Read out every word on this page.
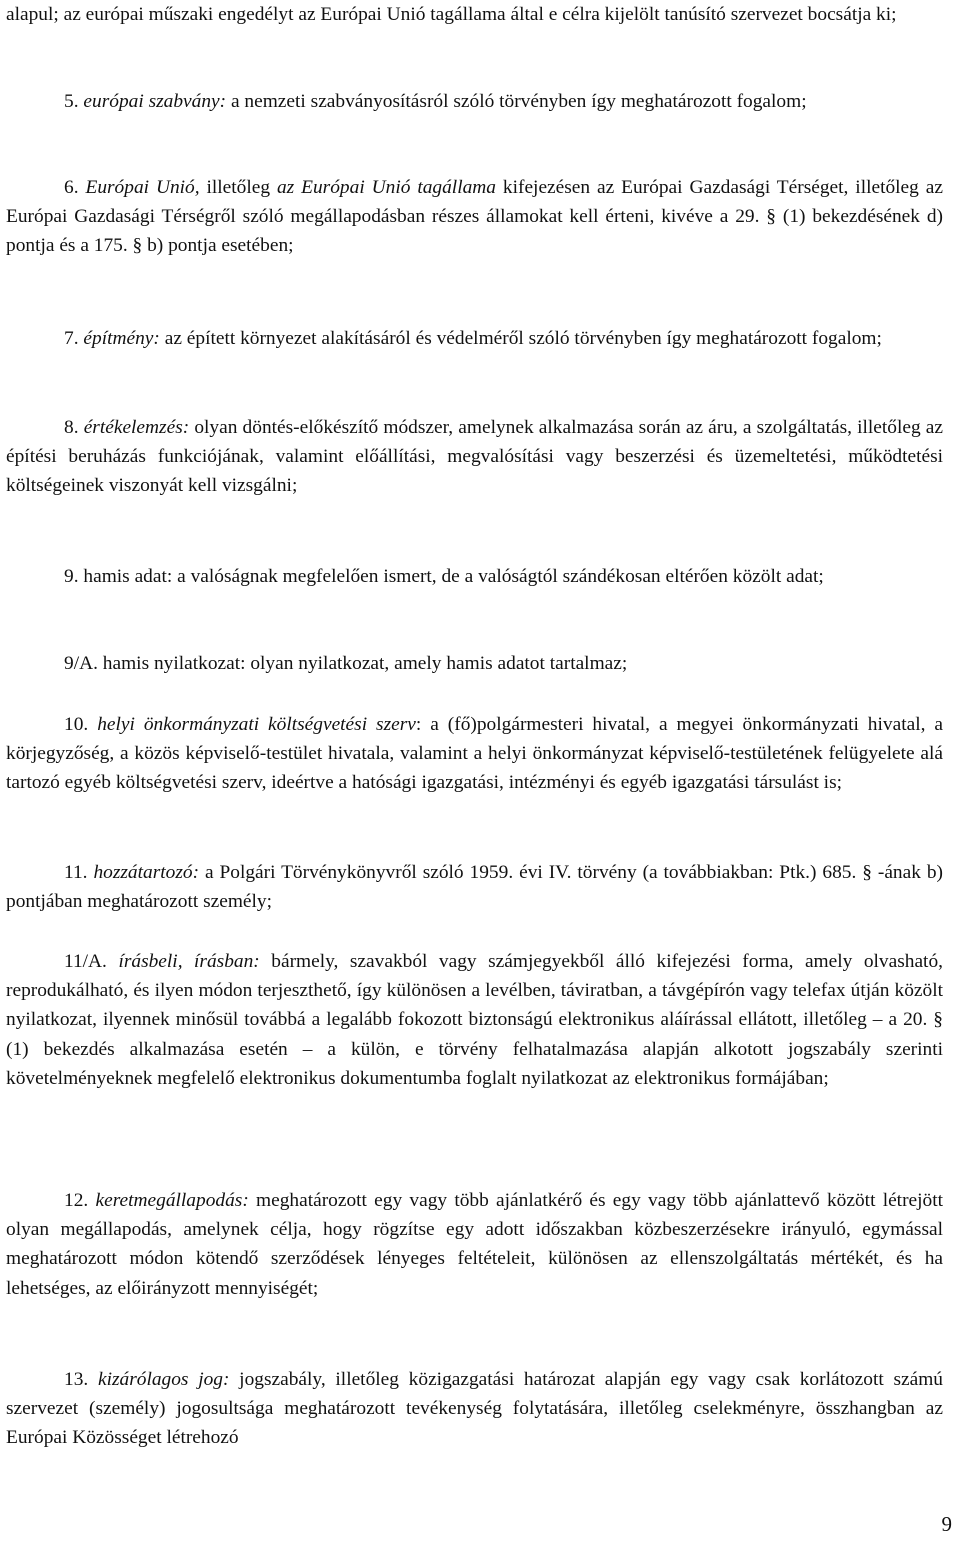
alapul; az európai műszaki engedélyt az Európai Unió tagállama által e célra kijelölt tanúsító szervezet bocsátja ki;
5. európai szabvány: a nemzeti szabványosításról szóló törvényben így meghatározott fogalom;
6. Európai Unió, illetőleg az Európai Unió tagállama kifejezésen az Európai Gazdasági Térséget, illetőleg az Európai Gazdasági Térségről szóló megállapodásban részes államokat kell érteni, kivéve a 29. § (1) bekezdésének d) pontja és a 175. § b) pontja esetében;
7. építmény: az épített környezet alakításáról és védelméről szóló törvényben így meghatározott fogalom;
8. értékelemzés: olyan döntés-előkészítő módszer, amelynek alkalmazása során az áru, a szolgáltatás, illetőleg az építési beruházás funkciójának, valamint előállítási, megvalósítási vagy beszerzési és üzemeltetési, működtetési költségeinek viszonyát kell vizsgálni;
9. hamis adat: a valóságnak megfelelően ismert, de a valóságtól szándékosan eltérően közölt adat;
9/A. hamis nyilatkozat: olyan nyilatkozat, amely hamis adatot tartalmaz;
10. helyi önkormányzati költségvetési szerv: a (fő)polgármesteri hivatal, a megyei önkormányzati hivatal, a körjegyzőség, a közös képviselő-testület hivatala, valamint a helyi önkormányzat képviselő-testületének felügyelete alá tartozó egyéb költségvetési szerv, ideértve a hatósági igazgatási, intézményi és egyéb igazgatási társulást is;
11. hozzátartozó: a Polgári Törvénykönyvről szóló 1959. évi IV. törvény (a továbbiakban: Ptk.) 685. § -ának b) pontjában meghatározott személy;
11/A. írásbeli, írásban: bármely, szavakból vagy számjegyekből álló kifejezési forma, amely olvasható, reprodukálható, és ilyen módon terjeszthető, így különösen a levélben, táviratban, a távgépírón vagy telefax útján közölt nyilatkozat, ilyennek minősül továbbá a legalább fokozott biztonságú elektronikus aláírással ellátott, illetőleg – a 20. § (1) bekezdés alkalmazása esetén – a külön, e törvény felhatalmazása alapján alkotott jogszabály szerinti követelményeknek megfelelő elektronikus dokumentumba foglalt nyilatkozat az elektronikus formájában;
12. keretmegállapodás: meghatározott egy vagy több ajánlatkérő és egy vagy több ajánlattevő között létrejött olyan megállapodás, amelynek célja, hogy rögzítse egy adott időszakban közbeszerzésekre irányuló, egymással meghatározott módon kötendő szerződések lényeges feltételeit, különösen az ellenszolgáltatás mértékét, és ha lehetséges, az előirányzott mennyiségét;
13. kizárólagos jog: jogszabály, illetőleg közigazgatási határozat alapján egy vagy csak korlátozott számú szervezet (személy) jogosultsága meghatározott tevékenység folytatására, illetőleg cselekményre, összhangban az Európai Közösséget létrehozó
9
